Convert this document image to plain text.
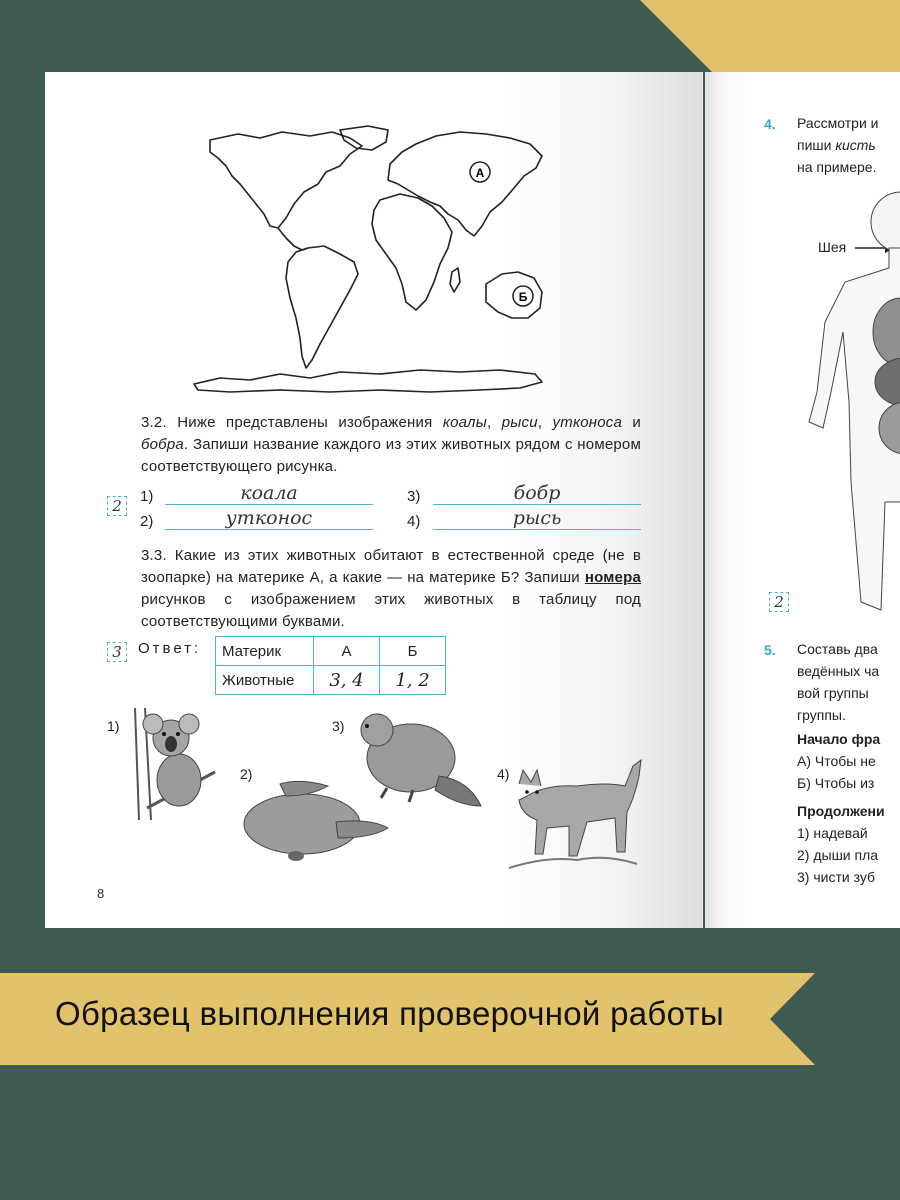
А
Б
3.2. Ниже представлены изображения коалы, рыси, утконоса и бобра. Запиши название каждого из этих животных рядом с номером соответствующего рисунка.
2
1)	коала
2)	утконос
3)	бобр
4)	рысь
3.3. Какие из этих животных обитают в естественной среде (не в зоопарке) на материке А, а какие — на материке Б? Запиши номера рисунков с изображением этих животных в таблицу под соответствующими буквами.
3	Ответ: Материк	А	Б
Животные	3, 4	1, 2
1)
2)
3)
4)
8
4. Рассмотри и
пиши кисть
на примере.
Шея
2
5. Составь два
ведённых ча
вой группы
группы.
Начало фра
А) Чтобы не
Б) Чтобы из
Продолжени
1) надевай
2) дыши пла
3) чисти зуб
Образец выполнения проверочной работы
